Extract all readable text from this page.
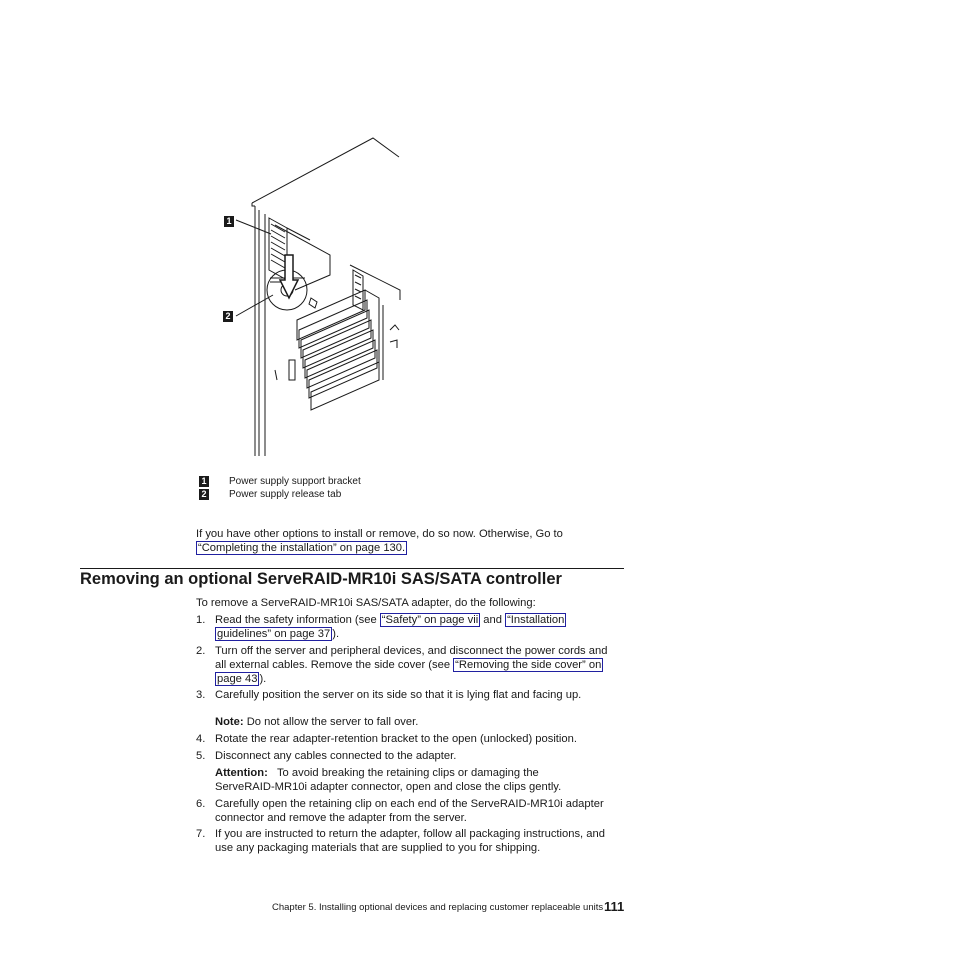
1
2
1 Power supply support bracket
2 Power supply release tab
If you have other options to install or remove, do so now. Otherwise, Go to
“Completing the installation” on page 130.
Removing an optional ServeRAID-MR10i SAS/SATA controller
To remove a ServeRAID-MR10i SAS/SATA adapter, do the following:
1. Read the safety information (see “Safety” on page vii and “Installation
guidelines” on page 37 ).
2. Turn off the server and peripheral devices, and disconnect the power cords and
all external cables. Remove the side cover (see “Removing the side cover” on
page 43 ).
3. Carefully position the server on its side so that it is lying flat and facing up.
Note: Do not allow the server to fall over.
4. Rotate the rear adapter-retention bracket to the open (unlocked) position.
5. Disconnect any cables connected to the adapter.
Attention: To avoid breaking the retaining clips or damaging the
ServeRAID-MR10i adapter connector, open and close the clips gently.
6. Carefully open the retaining clip on each end of the ServeRAID-MR10i adapter
connector and remove the adapter from the server.
7. If you are instructed to return the adapter, follow all packaging instructions, and
use any packaging materials that are supplied to you for shipping.
Chapter 5. Installing optional devices and replacing customer replaceable units 111
